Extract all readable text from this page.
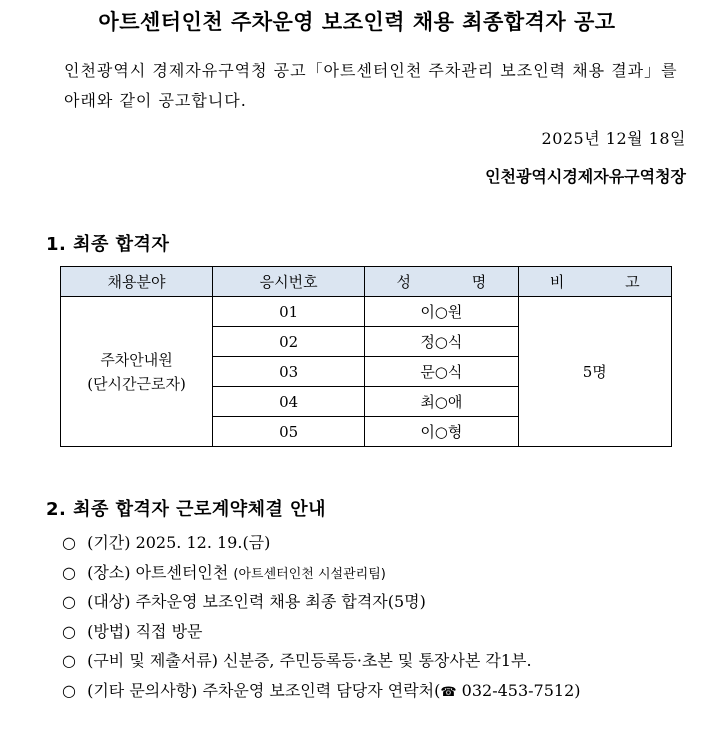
아트센터인천 주차운영 보조인력 채용 최종합격자 공고
인천광역시 경제자유구역청 공고「아트센터인천 주차관리 보조인력 채용 결과」를 아래와 같이 공고합니다.
2025년 12월 18일
인천광역시경제자유구역청장
1. 최종 합격자
채용분야	응시번호	성 명	비 고

주차안내원
(단시간근로자)	01	이○원	5명
	02	정○식	
	03	문○식	
	04	최○애	
	05	이○형	
2. 최종 합격자 근로계약체결 안내
○ (기간) 2025. 12. 19.(금)
○ (장소) 아트센터인천 (아트센터인천 시설관리팀)
○ (대상) 주차운영 보조인력 채용 최종 합격자(5명)
○ (방법) 직접 방문
○ (구비 및 제출서류) 신분증, 주민등록등·초본 및 통장사본 각1부.
○ (기타 문의사항) 주차운영 보조인력 담당자 연락처(☎ 032-453-7512)
